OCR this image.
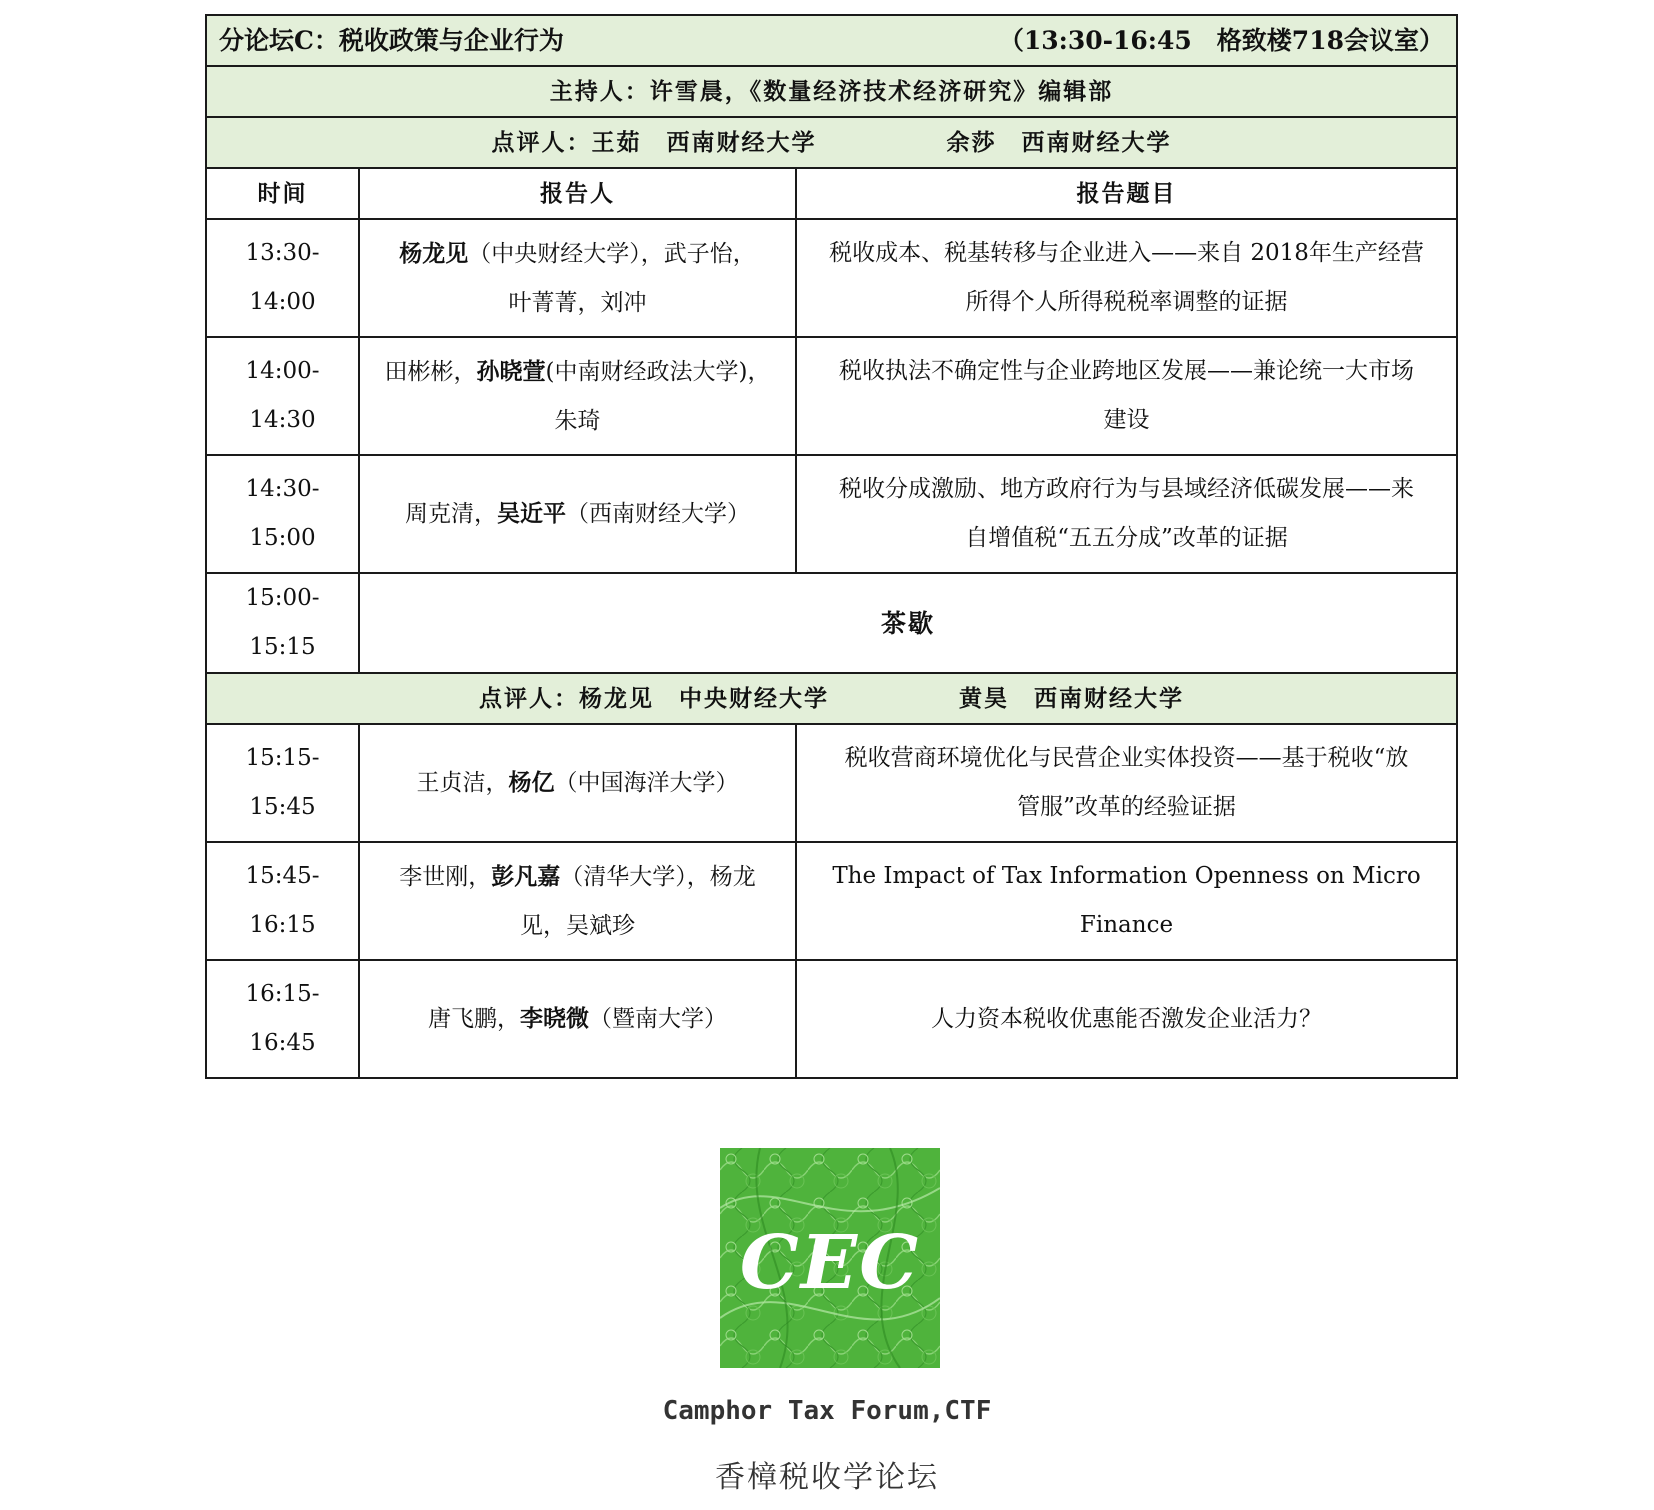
分论坛C：税收政策与企业行为 （13:30-16:45　格致楼718会议室）		

主持人：许雪晨，《数量经济技术经济研究》编辑部		
点评人：王茹　西南财经大学 余莎　西南财经大学		
时间	报告人	报告题目
13:30-14:00	杨龙见（中央财经大学），武子怡，
叶菁菁，刘冲	税收成本、税基转移与企业进入——来自 2018年生产经营
所得个人所得税税率调整的证据
14:00-14:30	田彬彬，孙晓萱(中南财经政法大学)，
朱琦	税收执法不确定性与企业跨地区发展——兼论统一大市场
建设
14:30-15:00	周克清，吴近平（西南财经大学）	税收分成激励、地方政府行为与县域经济低碳发展——来
自增值税“五五分成”改革的证据
15:00-15:15	茶歇	
点评人：杨龙见　中央财经大学 黄昊　西南财经大学		
15:15-15:45	王贞洁，杨亿（中国海洋大学）	税收营商环境优化与民营企业实体投资——基于税收“放
管服”改革的经验证据
15:45-16:15	李世刚，彭凡嘉（清华大学），杨龙
见，吴斌珍	The Impact of Tax Information Openness on Micro Finance
16:15-16:45	唐飞鹏，李晓微（暨南大学）	人力资本税收优惠能否激发企业活力？
CEC
Camphor Tax Forum,CTF
香樟税收学论坛
